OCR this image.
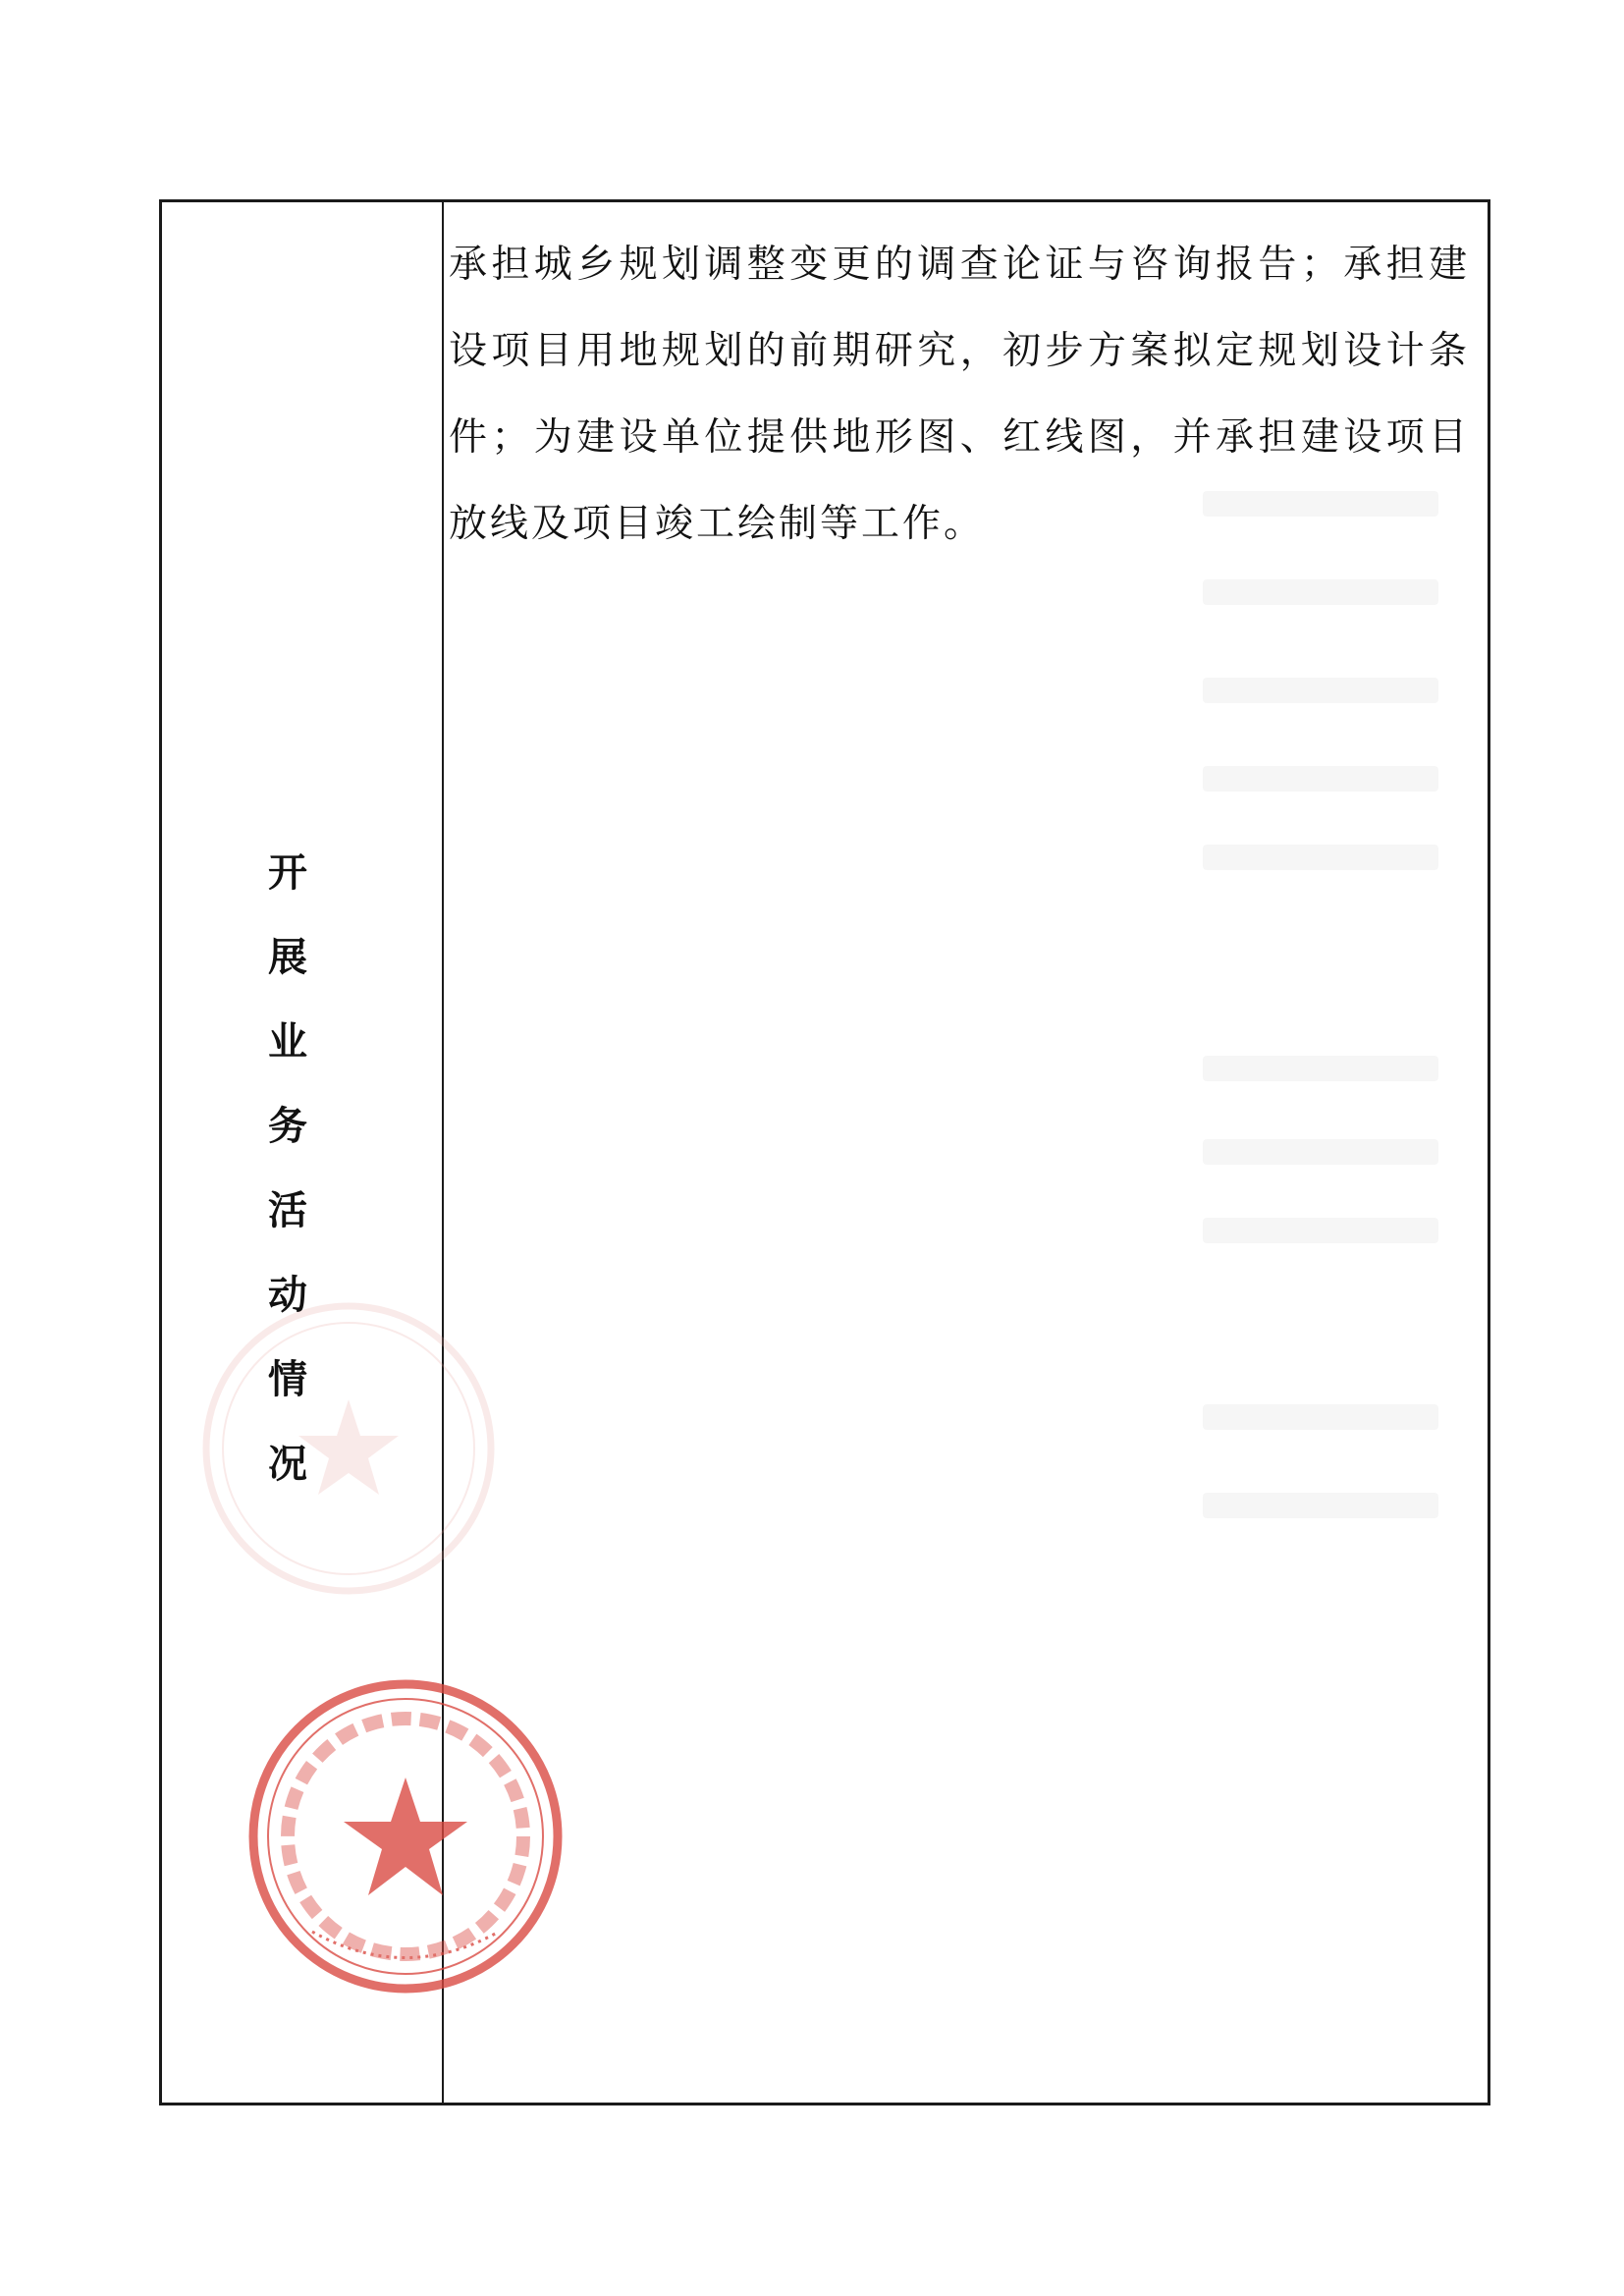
开
展
业
务
活
动
情
况

承担城乡规划调整变更的调查论证与咨询报告；承担建设项目用地规划的前期研究，初步方案拟定规划设计条件；为建设单位提供地形图、红线图，并承担建设项目放线及项目竣工绘制等工作。
